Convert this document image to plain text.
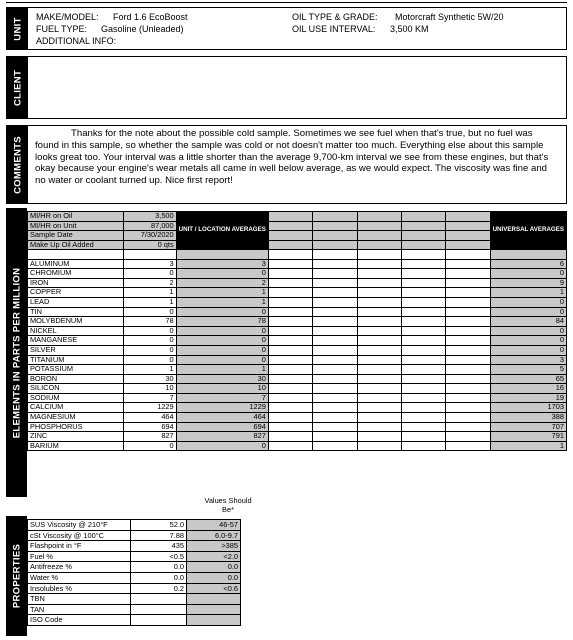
UNIT MAKE/MODEL: Ford 1.6 EcoBoost
FUEL TYPE: Gasoline (Unleaded)
ADDITIONAL INFO:
OIL TYPE & GRADE: Motorcraft Synthetic 5W/20
OIL USE INTERVAL: 3,500 KM
CLIENT
COMMENTS
Thanks for the note about the possible cold sample. Sometimes we see fuel when that's true, but no fuel was found in this sample, so whether the sample was cold or not doesn't matter too much. Everything else about this sample looks great too. Your interval was a little shorter than the average 9,700-km interval we see from these engines, but that's okay because your engine's wear metals all came in well below average, as we would expect. The viscosity was fine and no water or coolant turned up. Nice first report!
ELEMENTS IN PARTS PER MILLION
MI/HR on Oil	3,500	UNIT / LOCATION AVERAGES						UNIVERSAL AVERAGES
MI/HR on Unit	87,000							
Sample Date	7/30/2020							
Make Up Oil Added	0 qts							

ALUMINUM	3	3						6
CHROMIUM	0	0						0
IRON	2	2						9
COPPER	1	1						1
LEAD	1	1						0
TIN	0	0						0
MOLYBDENUM	78	78						84
NICKEL	0	0						0
MANGANESE	0	0						0
SILVER	0	0						0
TITANIUM	0	0						3
POTASSIUM	1	1						5
BORON	30	30						65
SILICON	10	10						16
SODIUM	7	7						19
CALCIUM	1229	1229						1703
MAGNESIUM	464	464						388
PHOSPHORUS	694	694						707
ZINC	827	827						791
BARIUM	0	0						1
Values Should Be*
PROPERTIES
SUS Viscosity @ 210°F	52.0	46-57
cSt Viscosity @ 100°C	7.88	6.0-9.7
Flashpoint in °F	435	>385
Fuel %	<0.5	<2.0
Antifreeze %	0.0	0.0
Water %	0.0	0.0
Insolubles %	0.2	<0.6
TBN		
TAN		
ISO Code		
